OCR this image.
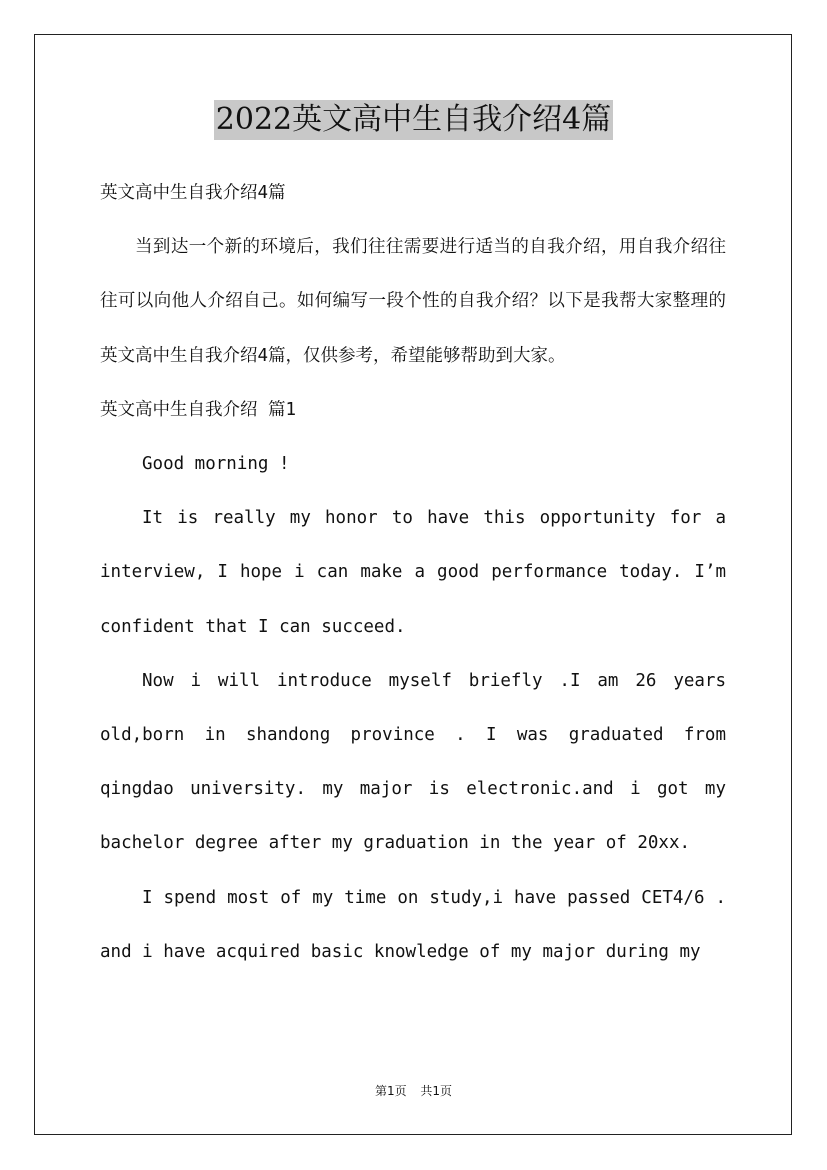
2022英文高中生自我介绍4篇

英文高中生自我介绍4篇

当到达一个新的环境后，我们往往需要进行适当的自我介绍，用自我介绍往往可以向他人介绍自己。如何编写一段个性的自我介绍？以下是我帮大家整理的英文高中生自我介绍4篇，仅供参考，希望能够帮助到大家。

英文高中生自我介绍 篇1

Good morning !

It is really my honor to have this opportunity for a interview, I hope i can make a good performance today. I’m confident that I can succeed.

Now i will introduce myself briefly .I am 26 years old,born in shandong province . I was graduated from qingdao university. my major is electronic.and i got my bachelor degree after my graduation in the year of 20xx.

I spend most of my time on study,i have passed CET4/6 . and i have acquired basic knowledge of my major during my

第1页 共1页
